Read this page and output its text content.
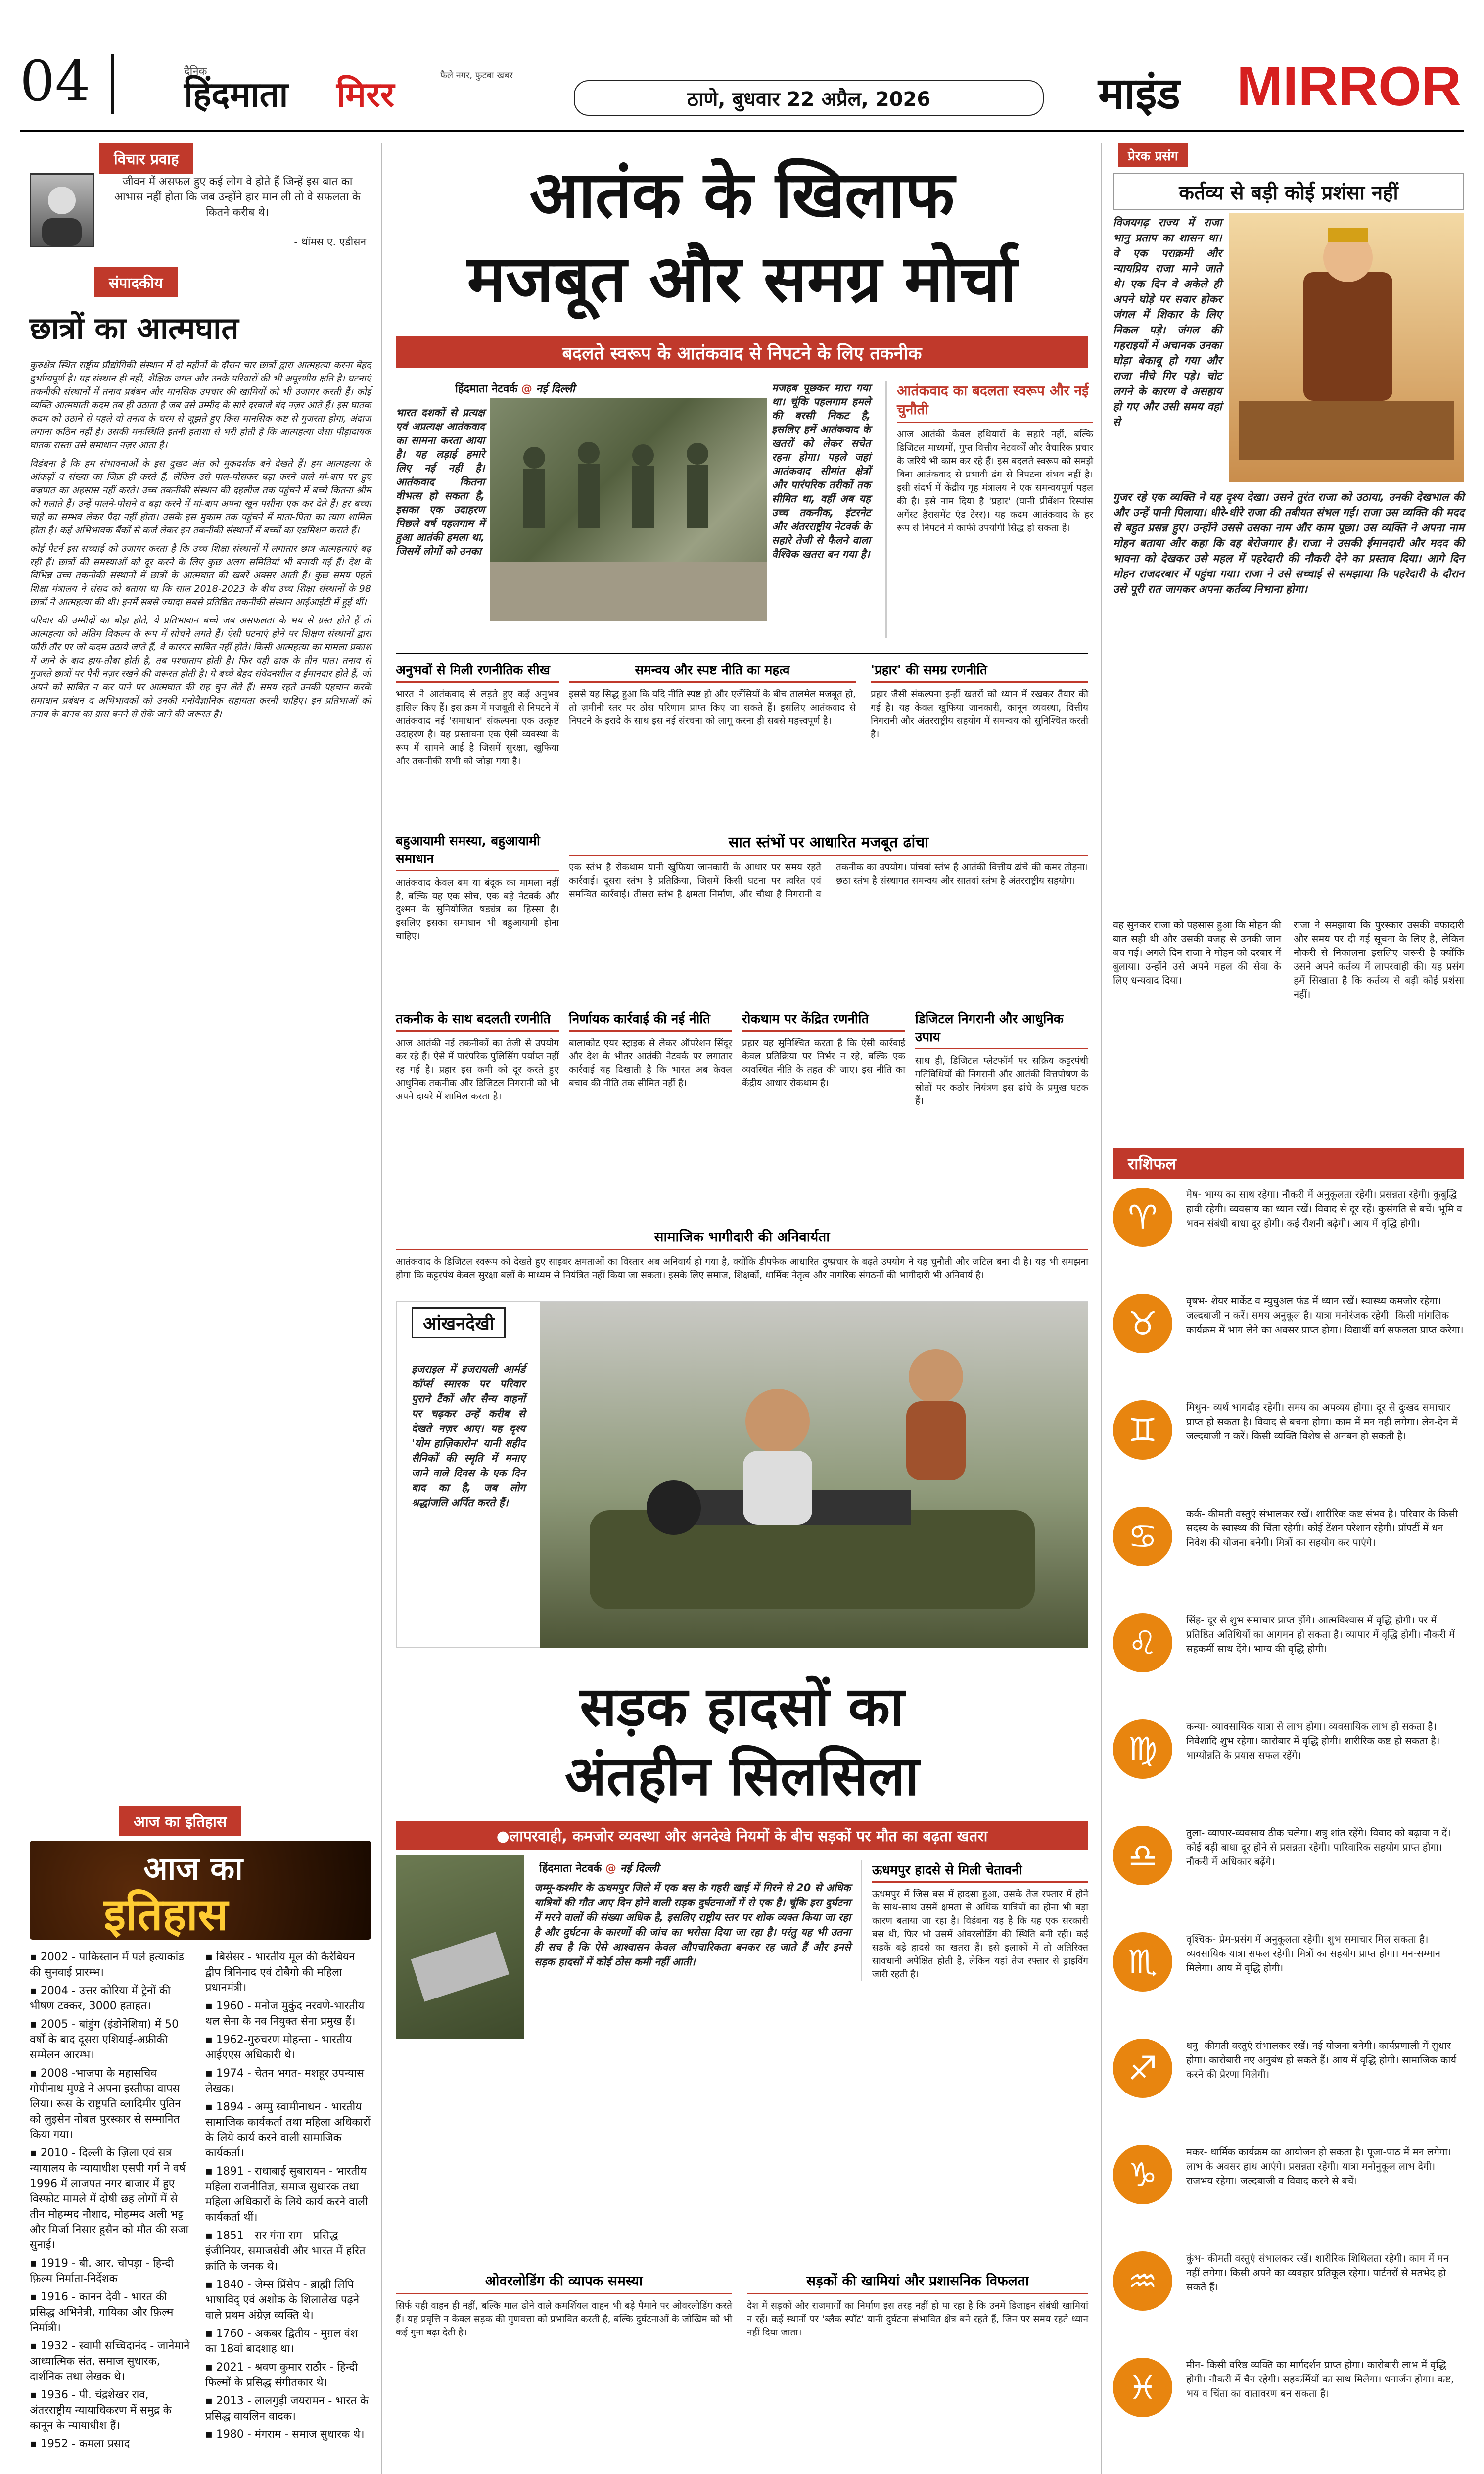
04	दैनिक
हिंदमाता मिरर	फैले नगर, फुटबा खबर
ठाणे, बुधवार 22 अप्रैल, 2026	माइंड MIRROR
विचार प्रवाह
जीवन में असफल हुए कई लोग वे होते हैं जिन्हें इस बात का आभास नहीं होता कि जब उन्होंने हार मान ली तो वे सफलता के कितने करीब थे।
- थॉमस ए. एडीसन
संपादकीय
छात्रों का आत्मघात

कुरुक्षेत्र स्थित राष्ट्रीय प्रौद्योगिकी संस्थान में दो महीनों के दौरान चार छात्रों द्वारा आत्महत्या करना बेहद दुर्भाग्यपूर्ण है। यह संस्थान ही नहीं, शैक्षिक जगत और उनके परिवारों की भी अपूरणीय क्षति है। घटनाएं तकनीकी संस्थानों में तनाव प्रबंधन और मानसिक उपचार की खामियों को भी उजागर करती हैं। कोई व्यक्ति आत्मघाती कदम तब ही उठाता है जब उसे उम्मीद के सारे दरवाजे बंद नज़र आते हैं। इस घातक कदम को उठाने से पहले वो तनाव के चरम से जूझते हुए किस मानसिक कष्ट से गुजरता होगा, अंदाज लगाना कठिन नहीं है। उसकी मनःस्थिति इतनी हताशा से भरी होती है कि आत्महत्या जैसा पीड़ादायक घातक रास्ता उसे समाधान नज़र आता है।

विडंबना है कि हम संभावनाओं के इस दुखद अंत को मुकदर्शक बने देखते हैं। हम आत्महत्या के आंकड़ों व संख्या का जिक्र ही करते हैं, लेकिन उसे पाल-पोसकर बड़ा करने वाले मां-बाप पर हुए वज्रपात का अहसास नहीं करते। उच्च तकनीकी संस्थान की दहलीज तक पहुंचने में बच्चे कितना श्रीम को गलाते हैं। उन्हें पालने-पोसने व बड़ा करने में मां-बाप अपना खून पसीना एक कर देते हैं। हर बच्चा चाहे का सम्भव लेकर पैदा नहीं होता। उसके इस मुकाम तक पहुंचने में माता-पिता का त्याग शामिल होता है। कई अभिभावक बैंकों से कर्ज लेकर इन तकनीकी संस्थानों में बच्चों का एडमिशन कराते हैं।

कोई पैटर्न इस सच्चाई को उजागर करता है कि उच्च शिक्षा संस्थानों में लगातार छात्र आत्महत्याएं बढ़ रही हैं। छात्रों की समस्याओं को दूर करने के लिए कुछ अलग समितियां भी बनायी गई हैं। देश के विभिन्न उच्च तकनीकी संस्थानों में छात्रों के आत्मघात की खबरें अक्सर आती हैं। कुछ समय पहले शिक्षा मंत्रालय ने संसद को बताया था कि साल 2018-2023 के बीच उच्च शिक्षा संस्थानों के 98 छात्रों ने आत्महत्या की थी। इनमें सबसे ज्यादा सबसे प्रतिष्ठित तकनीकी संस्थान आईआईटी में हुई थीं।

परिवार की उम्मीदों का बोझ होते, ये प्रतिभावान बच्चे जब असफलता के भय से ग्रस्त होते हैं तो आत्महत्या को अंतिम विकल्प के रूप में सोचने लगते हैं। ऐसी घटनाएं होने पर शिक्षण संस्थानों द्वारा फौरी तौर पर जो कदम उठाये जाते हैं, वे कारगर साबित नहीं होते। किसी आत्महत्या का मामला प्रकाश में आने के बाद हाय-तौबा होती है, तब पश्चाताप होती है। फिर वही ढाक के तीन पात। तनाव से गुजरते छात्रों पर पैनी नज़र रखने की जरूरत होती है। ये बच्चे बेहद संवेदनशील व ईमानदार होते हैं, जो अपने को साबित न कर पाने पर आत्मघात की राह चुन लेते हैं। समय रहते उनकी पहचान करके समाधान प्रबंधन व अभिभावकों को उनकी मनोवैज्ञानिक सहायता करनी चाहिए। इन प्रतिभाओं को तनाव के दानव का ग्रास बनने से रोके जाने की जरूरत है।

आज का इतिहास
आज का
इतिहास

▪ 2002 - पाकिस्तान में पर्ल हत्याकांड की सुनवाई प्रारम्भ।

▪ 2004 - उत्तर कोरिया में ट्रेनों की भीषण टक्कर, 3000 हताहत।

▪ 2005 - बांडुंग (इंडोनेशिया) में 50 वर्षों के बाद दूसरा एशियाई-अफ्रीकी सम्मेलन आरम्भ।

▪ 2008 -भाजपा के महासचिव गोपीनाथ मुण्डे ने अपना इस्तीफा वापस लिया। रूस के राष्ट्रपति व्लादिमीर पुतिन को लुइसेन नोबल पुरस्कार से सम्मानित किया गया।

▪ 2010 - दिल्ली के ज़िला एवं सत्र न्यायालय के न्यायाधीश एसपी गर्ग ने वर्ष 1996 में लाजपत नगर बाजार में हुए विस्फोट मामले में दोषी छह लोगों में से तीन मोहम्मद नौशाद, मोहम्मद अली भट्ट और मिर्जा निसार हुसैन को मौत की सजा सुनाई।

▪ 1919 - बी. आर. चोपड़ा - हिन्दी फ़िल्म निर्माता-निर्देशक

▪ 1916 - कानन देवी - भारत की प्रसिद्ध अभिनेत्री, गायिका और फ़िल्म निर्मात्री।

▪ 1932 - स्वामी सच्चिदानंद - जानेमाने आध्यात्मिक संत, समाज सुधारक, दार्शनिक तथा लेखक थे।

▪ 1936 - पी. चंद्रशेखर राव, अंतरराष्ट्रीय न्यायाधिकरण में समुद्र के कानून के न्यायाधीश हैं।

▪ 1952 - कमला प्रसाद

▪ बिसेसर - भारतीय मूल की कैरेबियन द्वीप त्रिनिनाद एवं टोबैगो की महिला प्रधानमंत्री।

▪ 1960 - मनोज मुकुंद नरवणे-भारतीय थल सेना के नव नियुक्त सेना प्रमुख हैं।

▪ 1962-गुरुचरण मोहन्ता - भारतीय आईएएस अधिकारी थे।

▪ 1974 - चेतन भगत- मशहूर उपन्यास लेखक।

▪ 1894 - अम्मु स्वामीनाथन - भारतीय सामाजिक कार्यकर्ता तथा महिला अधिकारों के लिये कार्य करने वाली सामाजिक कार्यकर्ता।

▪ 1891 - राधाबाई सुबारायन - भारतीय महिला राजनीतिज्ञ, समाज सुधारक तथा महिला अधिकारों के लिये कार्य करने वाली कार्यकर्ता थीं।

▪ 1851 - सर गंगा राम - प्रसिद्ध इंजीनियर, समाजसेवी और भारत में हरित क्रांति के जनक थे।

▪ 1840 - जेम्स प्रिंसेप - ब्राह्मी लिपि भाषाविद् एवं अशोक के शिलालेख पढ़ने वाले प्रथम अंग्रेज़ व्यक्ति थे।

▪ 1760 - अकबर द्वितीय - मुग़ल वंश का 18वां बादशाह था।

▪ 2021 - श्रवण कुमार राठौर - हिन्दी फिल्मों के प्रसिद्ध संगीतकार थे।

▪ 2013 - लालगुड़ी जयरामन - भारत के प्रसिद्ध वायलिन वादक।

▪ 1980 - मंगराम - समाज सुधारक थे।

आतंक के खिलाफ
मजबूत और समग्र मोर्चा
बदलते स्वरूप के आतंकवाद से निपटने के लिए तकनीक
हिंदमाता नेटवर्क @ नई दिल्ली
भारत दशकों से प्रत्यक्ष एवं अप्रत्यक्ष आतंकवाद का सामना करता आया है। यह लड़ाई हमारे लिए नई नहीं है। आतंकवाद कितना वीभत्स हो सकता है, इसका एक उदाहरण पिछले वर्ष पहलगाम में हुआ आतंकी हमला था, जिसमें लोगों को उनका
मजहब पूछकर मारा गया था। चूंकि पहलगाम हमले की बरसी निकट है, इसलिए हमें आतंकवाद के खतरों को लेकर सचेत रहना होगा। पहले जहां आतंकवाद सीमांत क्षेत्रों और पारंपरिक तरीकों तक सीमित था, वहीं अब यह उच्च तकनीक, इंटरनेट और अंतरराष्ट्रीय नेटवर्क के सहारे तेजी से फैलने वाला वैश्विक खतरा बन गया है।
आतंकवाद का बदलता स्वरूप और नई चुनौती
आज आतंकी केवल हथियारों के सहारे नहीं, बल्कि डिजिटल माध्यमों, गुप्त वित्तीय नेटवर्कों और वैचारिक प्रचार के जरिये भी काम कर रहे हैं। इस बदलते स्वरूप को समझे बिना आतंकवाद से प्रभावी ढंग से निपटना संभव नहीं है। इसी संदर्भ में केंद्रीय गृह मंत्रालय ने एक समन्वयपूर्ण पहल की है। इसे नाम दिया है 'प्रहार' (यानी प्रीवेंशन रिस्पांस अगेंस्ट हैरासमेंट एंड टेरर)। यह कदम आतंकवाद के हर रूप से निपटने में काफी उपयोगी सिद्ध हो सकता है।
अनुभवों से मिली रणनीतिक सीख
भारत ने आतंकवाद से लड़ते हुए कई अनुभव हासिल किए हैं। इस क्रम में मजबूती से निपटने में आतंकवाद नई 'समाधान' संकल्पना एक उत्कृष्ट उदाहरण है। यह प्रस्तावना एक ऐसी व्यवस्था के रूप में सामने आई है जिसमें सुरक्षा, खुफिया और तकनीकी सभी को जोड़ा गया है।
समन्वय और स्पष्ट नीति का महत्व
इससे यह सिद्ध हुआ कि यदि नीति स्पष्ट हो और एजेंसियों के बीच तालमेल मजबूत हो, तो ज़मीनी स्तर पर ठोस परिणाम प्राप्त किए जा सकते हैं। इसलिए आतंकवाद से निपटने के इरादे के साथ इस नई संरचना को लागू करना ही सबसे महत्त्वपूर्ण है।
'प्रहार' की समग्र रणनीति
प्रहार जैसी संकल्पना इन्हीं खतरों को ध्यान में रखकर तैयार की गई है। यह केवल खुफिया जानकारी, कानून व्यवस्था, वित्तीय निगरानी और अंतरराष्ट्रीय सहयोग में समन्वय को सुनिश्चित करती है।
बहुआयामी समस्या, बहुआयामी समाधान
आतंकवाद केवल बम या बंदूक का मामला नहीं है, बल्कि यह एक सोच, एक बड़े नेटवर्क और दुश्मन के सुनियोजित षड्यंत्र का हिस्सा है। इसलिए इसका समाधान भी बहुआयामी होना चाहिए।
सात स्तंभों पर आधारित मजबूत ढांचा
एक स्तंभ है रोकथाम यानी खुफिया जानकारी के आधार पर समय रहते कार्रवाई। दूसरा स्तंभ है प्रतिक्रिया, जिसमें किसी घटना पर त्वरित एवं समन्वित कार्रवाई। तीसरा स्तंभ है क्षमता निर्माण, और चौथा है निगरानी व तकनीक का उपयोग। पांचवां स्तंभ है आतंकी वित्तीय ढांचे की कमर तोड़ना। छठा स्तंभ है संस्थागत समन्वय और सातवां स्तंभ है अंतरराष्ट्रीय सहयोग।
तकनीक के साथ बदलती रणनीति
आज आतंकी नई तकनीकों का तेजी से उपयोग कर रहे हैं। ऐसे में पारंपरिक पुलिसिंग पर्याप्त नहीं रह गई है। प्रहार इस कमी को दूर करते हुए आधुनिक तकनीक और डिजिटल निगरानी को भी अपने दायरे में शामिल करता है।
निर्णायक कार्रवाई की नई नीति
बालाकोट एयर स्ट्राइक से लेकर ऑपरेशन सिंदूर और देश के भीतर आतंकी नेटवर्क पर लगातार कार्रवाई यह दिखाती है कि भारत अब केवल बचाव की नीति तक सीमित नहीं है।
रोकथाम पर केंद्रित रणनीति
प्रहार यह सुनिश्चित करता है कि ऐसी कार्रवाई केवल प्रतिक्रिया पर निर्भर न रहे, बल्कि एक व्यवस्थित नीति के तहत की जाए। इस नीति का केंद्रीय आधार रोकथाम है।
डिजिटल निगरानी और आधुनिक उपाय
साथ ही, डिजिटल प्लेटफॉर्म पर सक्रिय कट्टरपंथी गतिविधियों की निगरानी और आतंकी वित्तपोषण के स्रोतों पर कठोर नियंत्रण इस ढांचे के प्रमुख घटक हैं।
सामाजिक भागीदारी की अनिवार्यता
आतंकवाद के डिजिटल स्वरूप को देखते हुए साइबर क्षमताओं का विस्तार अब अनिवार्य हो गया है, क्योंकि डीपफेक आधारित दुष्प्रचार के बढ़ते उपयोग ने यह चुनौती और जटिल बना दी है। यह भी समझना होगा कि कट्टरपंथ केवल सुरक्षा बलों के माध्यम से नियंत्रित नहीं किया जा सकता। इसके लिए समाज, शिक्षकों, धार्मिक नेतृत्व और नागरिक संगठनों की भागीदारी भी अनिवार्य है।
आंखनदेखी
इजराइल में इजरायली आर्मर्ड कॉर्प्स स्मारक पर परिवार पुराने टैंकों और सैन्य वाहनों पर चढ़कर उन्हें करीब से देखते नज़र आए। यह दृश्य 'योम हाज़िकारोन' यानी शहीद सैनिकों की स्मृति में मनाए जाने वाले दिवस के एक दिन बाद का है, जब लोग श्रद्धांजलि अर्पित करते हैं।
सड़क हादसों का
अंतहीन सिलसिला
●लापरवाही, कमजोर व्यवस्था और अनदेखे नियमों के बीच सड़कों पर मौत का बढ़ता खतरा
हिंदमाता नेटवर्क @ नई दिल्ली
जम्मू-कश्मीर के ऊधमपुर जिले में एक बस के गहरी खाई में गिरने से 20 से अधिक यात्रियों की मौत आए दिन होने वाली सड़क दुर्घटनाओं में से एक है। चूंकि इस दुर्घटना में मरने वालों की संख्या अधिक है, इसलिए राष्ट्रीय स्तर पर शोक व्यक्त किया जा रहा है और दुर्घटना के कारणों की जांच का भरोसा दिया जा रहा है। परंतु यह भी उतना ही सच है कि ऐसे आश्वासन केवल औपचारिकता बनकर रह जाते हैं और इनसे सड़क हादसों में कोई ठोस कमी नहीं आती।
ऊधमपुर हादसे से मिली चेतावनी
ऊधमपुर में जिस बस में हादसा हुआ, उसके तेज रफ्तार में होने के साथ-साथ उसमें क्षमता से अधिक यात्रियों का होना भी बड़ा कारण बताया जा रहा है। विडंबना यह है कि यह एक सरकारी बस थी, फिर भी उसमें ओवरलोडिंग की स्थिति बनी रही। कई सड़कें बड़े हादसे का खतरा हैं। इसे इलाकों में तो अतिरिक्त सावधानी अपेक्षित होती है, लेकिन यहां तेज रफ्तार से ड्राइविंग जारी रहती है।
ओवरलोडिंग की व्यापक समस्या
सिर्फ यही वाहन ही नहीं, बल्कि माल ढोने वाले कमर्शियल वाहन भी बड़े पैमाने पर ओवरलोडिंग करते हैं। यह प्रवृत्ति न केवल सड़क की गुणवत्ता को प्रभावित करती है, बल्कि दुर्घटनाओं के जोखिम को भी कई गुना बढ़ा देती है।
सड़कों की खामियां और प्रशासनिक विफलता
देश में सड़कों और राजमार्गों का निर्माण इस तरह नहीं हो पा रहा है कि उनमें डिजाइन संबंधी खामियां न रहें। कई स्थानों पर 'ब्लैक स्पॉट' यानी दुर्घटना संभावित क्षेत्र बने रहते हैं, जिन पर समय रहते ध्यान नहीं दिया जाता।
प्रेरक प्रसंग
कर्तव्य से बड़ी कोई प्रशंसा नहीं
विजयगढ़ राज्य में राजा भानु प्रताप का शासन था। वे एक पराक्रमी और न्यायप्रिय राजा माने जाते थे। एक दिन वे अकेले ही अपने घोड़े पर सवार होकर जंगल में शिकार के लिए निकल पड़े। जंगल की गहराइयों में अचानक उनका घोड़ा बेकाबू हो गया और राजा नीचे गिर पड़े। चोट लगने के कारण वे असहाय हो गए और उसी समय वहां से
गुजर रहे एक व्यक्ति ने यह दृश्य देखा। उसने तुरंत राजा को उठाया, उनकी देखभाल की और उन्हें पानी पिलाया। धीरे-धीरे राजा की तबीयत संभल गई। राजा उस व्यक्ति की मदद से बहुत प्रसन्न हुए। उन्होंने उससे उसका नाम और काम पूछा। उस व्यक्ति ने अपना नाम मोहन बताया और कहा कि वह बेरोजगार है। राजा ने उसकी ईमानदारी और मदद की भावना को देखकर उसे महल में पहरेदारी की नौकरी देने का प्रस्ताव दिया। आगे दिन मोहन राजदरबार में पहुंचा गया। राजा ने उसे सच्चाई से समझाया कि पहरेदारी के दौरान उसे पूरी रात जागकर अपना कर्तव्य निभाना होगा।
वह सुनकर राजा को पहसास हुआ कि मोहन की बात सही थी और उसकी वजह से उनकी जान बच गई। अगले दिन राजा ने मोहन को दरबार में बुलाया। उन्होंने उसे अपने महल की सेवा के लिए धन्यवाद दिया।
राजा ने समझाया कि पुरस्कार उसकी वफादारी और समय पर दी गई सूचना के लिए है, लेकिन नौकरी से निकालना इसलिए जरूरी है क्योंकि उसने अपने कर्तव्य में लापरवाही की। यह प्रसंग हमें सिखाता है कि कर्तव्य से बड़ी कोई प्रशंसा नहीं।
राशिफल
♈
मेष- भाग्य का साथ रहेगा। नौकरी में अनुकूलता रहेगी। प्रसन्नता रहेगी। कुबुद्धि हावी रहेगी। व्यवसाय का ध्यान रखें। विवाद से दूर रहें। कुसंगति से बचें। भूमि व भवन संबंधी बाधा दूर होगी। कई रौशनी बढ़ेगी। आय में वृद्धि होगी।
♉
वृषभ- शेयर मार्केट व म्युचुअल फंड में ध्यान रखें। स्वास्थ्य कमजोर रहेगा। जल्दबाजी न करें। समय अनुकूल है। यात्रा मनोरंजक रहेगी। किसी मांगलिक कार्यक्रम में भाग लेने का अवसर प्राप्त होगा। विद्यार्थी वर्ग सफलता प्राप्त करेगा।
♊
मिथुन- व्यर्थ भागदौड़ रहेगी। समय का अपव्यय होगा। दूर से दुःखद समाचार प्राप्त हो सकता है। विवाद से बचना होगा। काम में मन नहीं लगेगा। लेन-देन में जल्दबाजी न करें। किसी व्यक्ति विशेष से अनबन हो सकती है।
♋
कर्क- कीमती वस्तुएं संभालकर रखें। शारीरिक कष्ट संभव है। परिवार के किसी सदस्य के स्वास्थ्य की चिंता रहेगी। कोई टेंशन परेशान रहेगी। प्रॉपर्टी में धन निवेश की योजना बनेगी। मित्रों का सहयोग कर पाएंगे।
♌
सिंह- दूर से शुभ समाचार प्राप्त होंगे। आत्मविश्वास में वृद्धि होगी। पर में प्रतिष्ठित अतिथियों का आगमन हो सकता है। व्यापार में वृद्धि होगी। नौकरी में सहकर्मी साथ देंगे। भाग्य की वृद्धि होगी।
♍
कन्या- व्यावसायिक यात्रा से लाभ होगा। व्यवसायिक लाभ हो सकता है। निवेशादि शुभ रहेगा। कारोबार में वृद्धि होगी। शारीरिक कष्ट हो सकता है। भाग्योन्नति के प्रयास सफल रहेंगे।
♎
तुला- व्यापार-व्यवसाय ठीक चलेगा। शत्रु शांत रहेंगे। विवाद को बढ़ावा न दें। कोई बड़ी बाधा दूर होने से प्रसन्नता रहेगी। पारिवारिक सहयोग प्राप्त होगा। नौकरी में अधिकार बढ़ेंगे।
♏
वृश्चिक- प्रेम-प्रसंग में अनुकूलता रहेगी। शुभ समाचार मिल सकता है। व्यवसायिक यात्रा सफल रहेगी। मित्रों का सहयोग प्राप्त होगा। मन-सम्मान मिलेगा। आय में वृद्धि होगी।
♐
धनु- कीमती वस्तुएं संभालकर रखें। नई योजना बनेगी। कार्यप्रणाली में सुधार होगा। कारोबारी नए अनुबंध हो सकते हैं। आय में वृद्धि होगी। सामाजिक कार्य करने की प्रेरणा मिलेगी।
♑
मकर- धार्मिक कार्यक्रम का आयोजन हो सकता है। पूजा-पाठ में मन लगेगा। लाभ के अवसर हाथ आएंगे। प्रसन्नता रहेगी। यात्रा मनोनुकूल लाभ देगी। राजभय रहेगा। जल्दबाजी व विवाद करने से बचें।
♒
कुंभ- कीमती वस्तुएं संभालकर रखें। शारीरिक शिथिलता रहेगी। काम में मन नहीं लगेगा। किसी अपने का व्यवहार प्रतिकूल रहेगा। पार्टनरों से मतभेद हो सकते हैं।
♓
मीन- किसी वरिष्ठ व्यक्ति का मार्गदर्शन प्राप्त होगा। कारोबारी लाभ में वृद्धि होगी। नौकरी में चैन रहेगी। सहकर्मियों का साथ मिलेगा। धनार्जन होगा। कष्ट, भय व चिंता का वातावरण बन सकता है।
